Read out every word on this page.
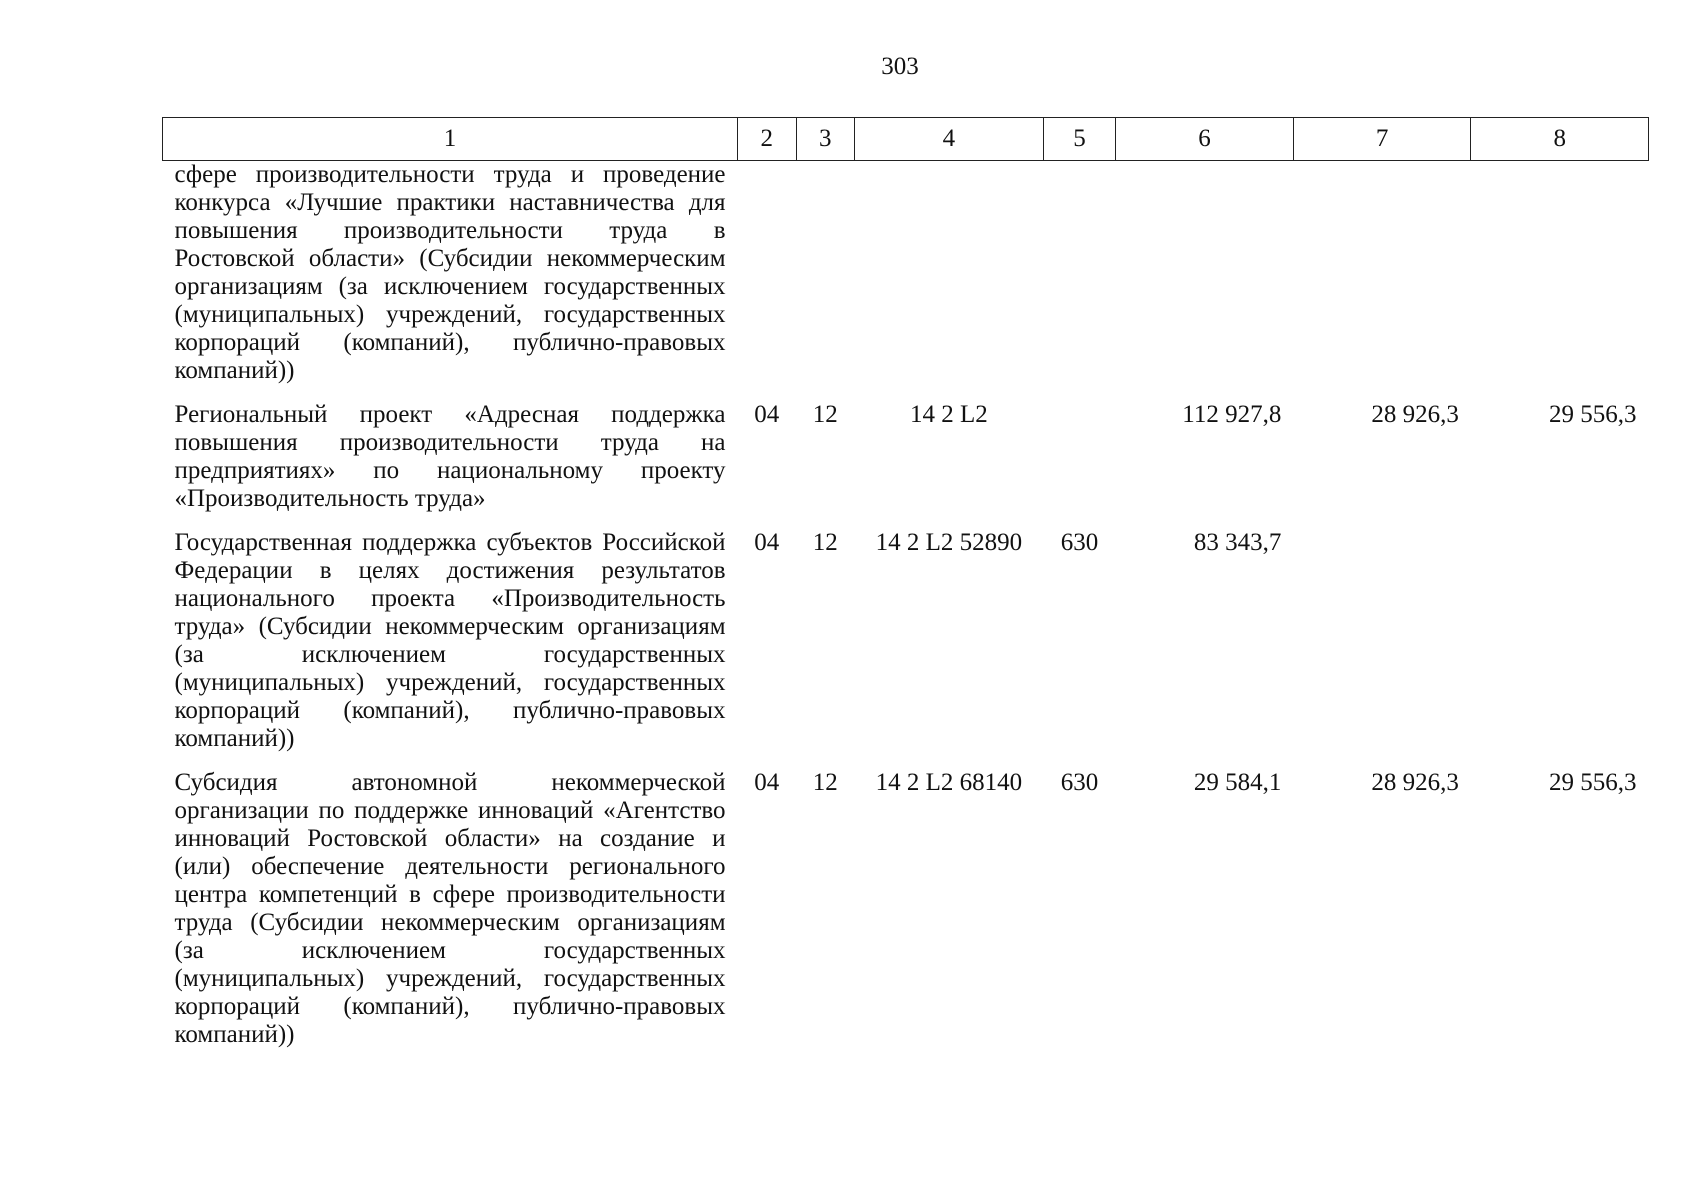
303
1	2	3	4	5	6	7	8
сфере производительности труда и проведение конкурса «Лучшие практики наставничества для повышения производительности труда в Ростовской области» (Субсидии некоммерческим организациям (за исключением государственных (муниципальных) учреждений, государственных корпораций (компаний), публично-правовых компаний))							
Региональный проект «Адресная поддержка повышения производительности труда на предприятиях» по национальному проекту «Производительность труда»	04	12	14 2 L2		112 927,8	28 926,3	29 556,3
Государственная поддержка субъектов Российской Федерации в целях достижения результатов национального проекта «Производительность труда» (Субсидии некоммерческим организациям (за исключением государственных (муниципальных) учреждений, государственных корпораций (компаний), публично-правовых компаний))	04	12	14 2 L2 52890	630	83 343,7		
Субсидия автономной некоммерческой организации по поддержке инноваций «Агентство инноваций Ростовской области» на создание и (или) обеспечение деятельности регионального центра компетенций в сфере производительности труда (Субсидии некоммерческим организациям (за исключением государственных (муниципальных) учреждений, государственных корпораций (компаний), публично-правовых компаний))	04	12	14 2 L2 68140	630	29 584,1	28 926,3	29 556,3
